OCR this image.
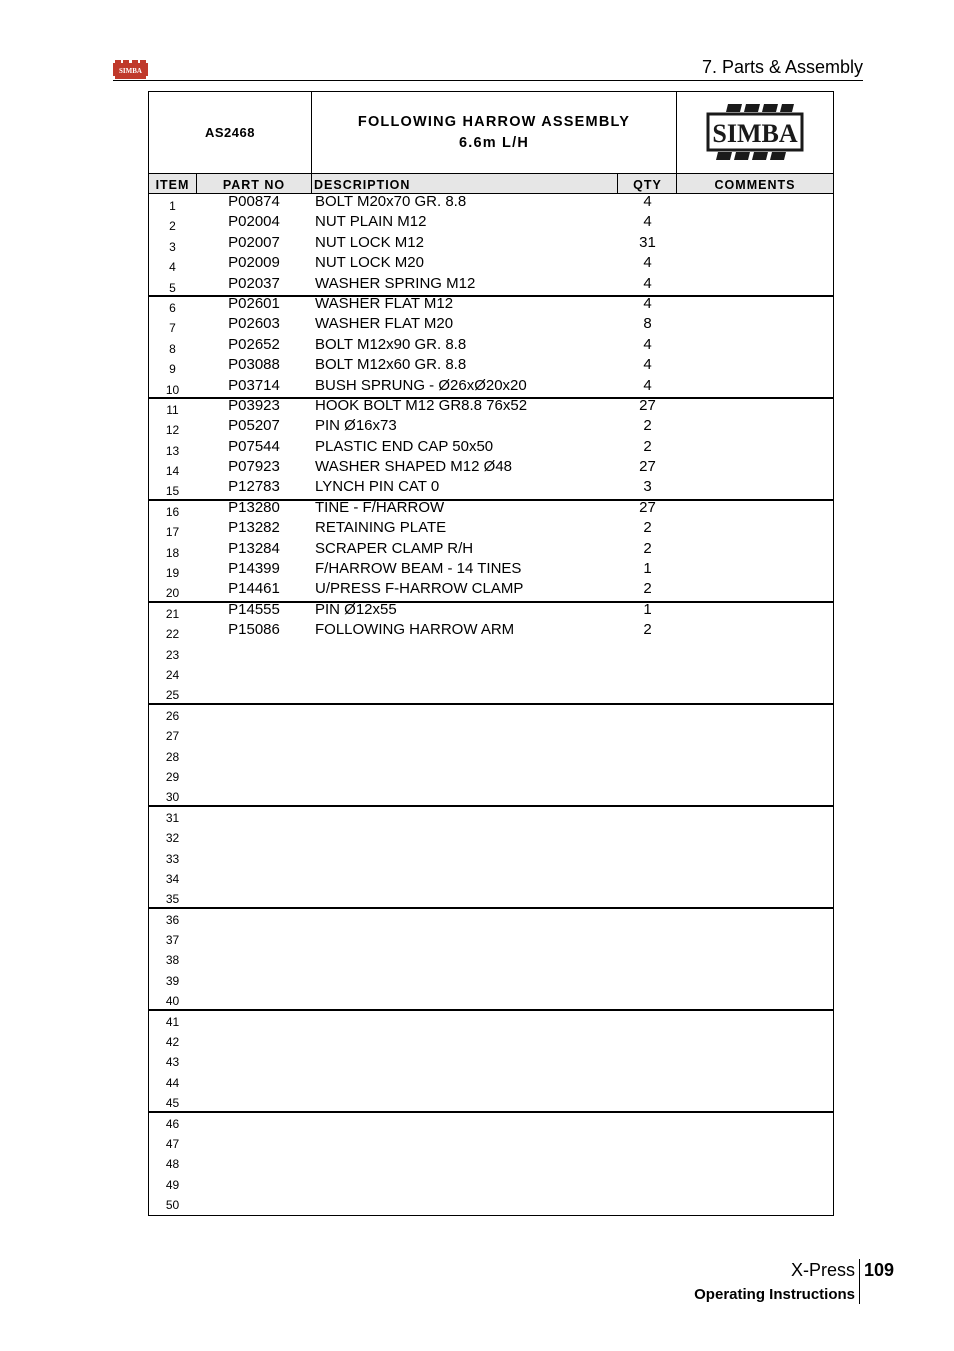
SIMBA	7. Parts & Assembly
AS2468
FOLLOWING HARROW ASSEMBLY
6.6m L/H	SIMBA
ITEM	PART NO	DESCRIPTION	QTY	COMMENTS
1	P00874	BOLT M20x70 GR. 8.8	4
2	P02004	NUT PLAIN M12	4
3	P02007	NUT LOCK M12	31
4	P02009	NUT LOCK M20	4
5	P02037	WASHER SPRING M12	4
6	P02601	WASHER FLAT M12	4
7	P02603	WASHER FLAT M20	8
8	P02652	BOLT M12x90 GR. 8.8	4
9	P03088	BOLT M12x60 GR. 8.8	4
10	P03714	BUSH SPRUNG - Ø26xØ20x20	4
11	P03923	HOOK BOLT M12 GR8.8 76x52	27
12	P05207	PIN Ø16x73	2
13	P07544	PLASTIC END CAP 50x50	2
14	P07923	WASHER SHAPED M12 Ø48	27
15	P12783	LYNCH PIN CAT 0	3
16	P13280	TINE - F/HARROW	27
17	P13282	RETAINING PLATE	2
18	P13284	SCRAPER CLAMP R/H	2
19	P14399	F/HARROW BEAM - 14 TINES	1
20	P14461	U/PRESS F-HARROW CLAMP	2
21	P14555	PIN Ø12x55	1
22	P15086	FOLLOWING HARROW ARM	2
23
24
25
26
27
28
29
30
31
32
33
34
35
36
37
38
39
40
41
42
43
44
45
46
47
48
49
50
X-Press
Operating Instructions
109
